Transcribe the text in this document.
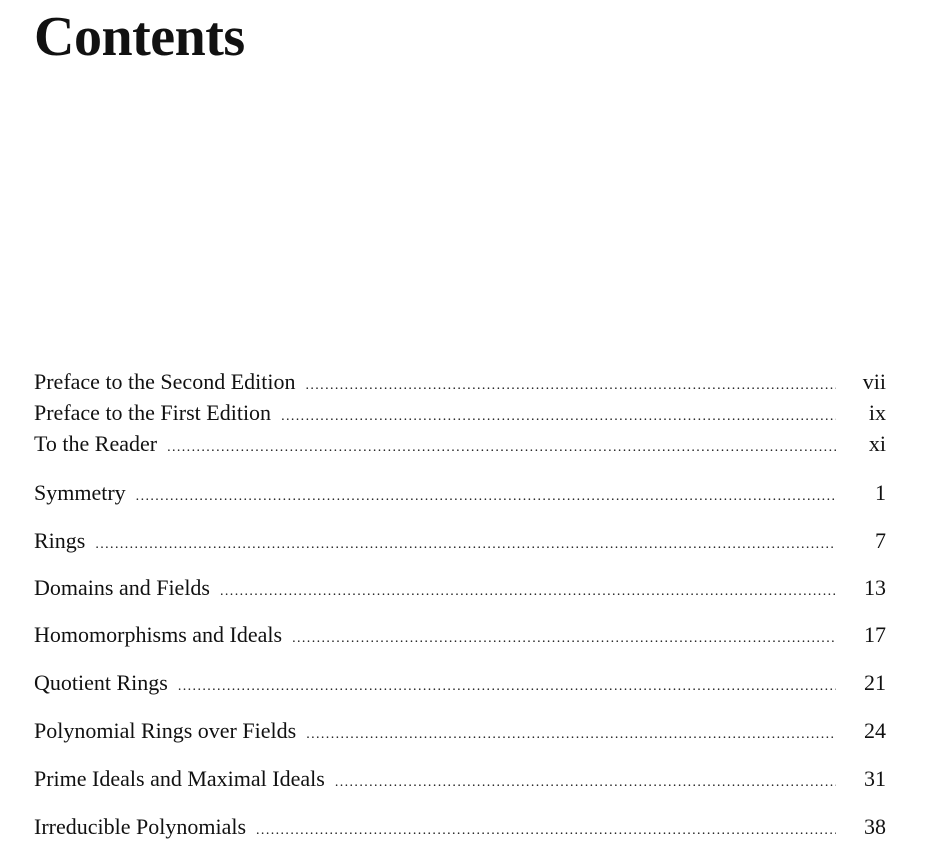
Contents
Preface to the Second Edition . . .	vii
Preface to the First Edition . . .	ix
To the Reader . . .	xi
Symmetry . . .	1
Rings . . .	7
Domains and Fields . . .	13
Homomorphisms and Ideals . . .	17
Quotient Rings . . .	21
Polynomial Rings over Fields . . .	24
Prime Ideals and Maximal Ideals . . .	31
Irreducible Polynomials . . .	38
